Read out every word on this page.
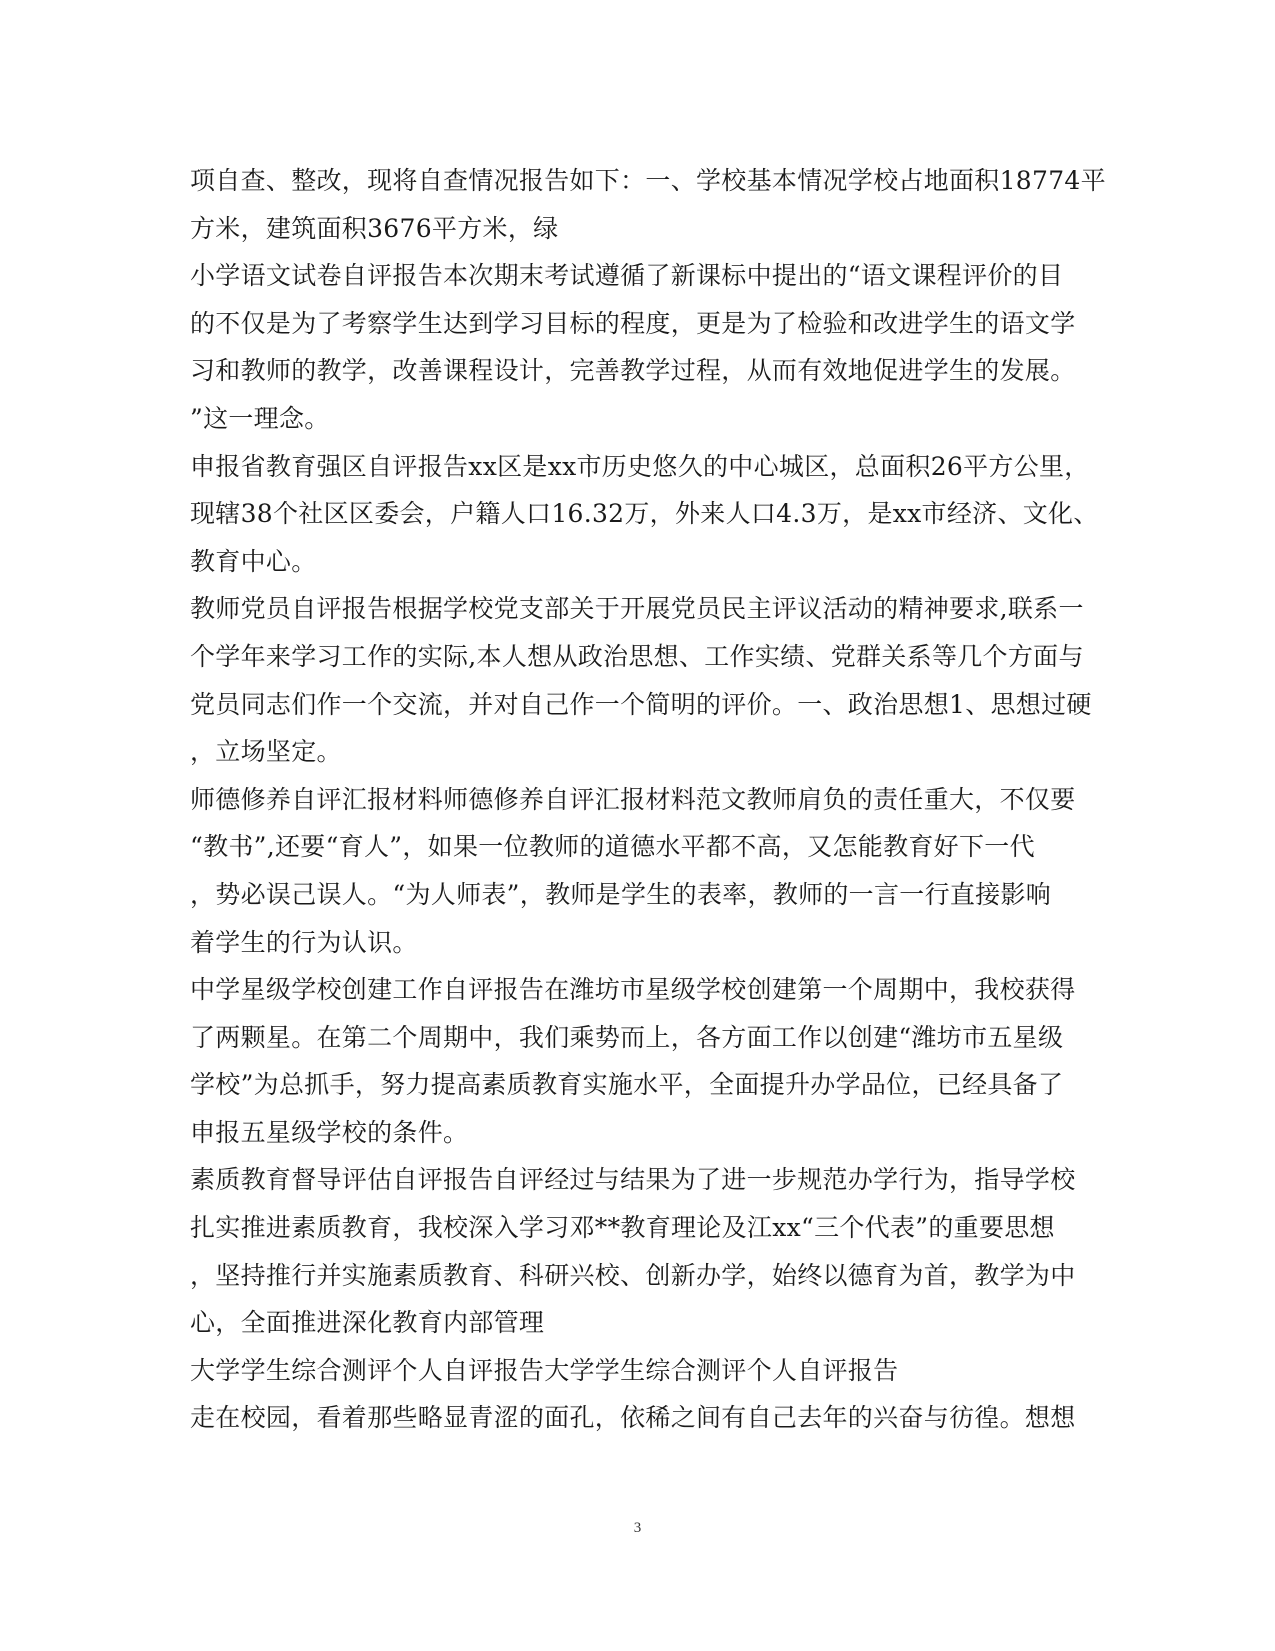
项自查、整改，现将自查情况报告如下：一、学校基本情况学校占地面积18774平
方米，建筑面积3676平方米，绿
小学语文试卷自评报告本次期末考试遵循了新课标中提出的“语文课程评价的目
的不仅是为了考察学生达到学习目标的程度，更是为了检验和改进学生的语文学
习和教师的教学，改善课程设计，完善教学过程，从而有效地促进学生的发展。
”这一理念。
申报省教育强区自评报告xx区是xx市历史悠久的中心城区，总面积26平方公里，
现辖38个社区区委会，户籍人口16.32万，外来人口4.3万，是xx市经济、文化、
教育中心。
教师党员自评报告根据学校党支部关于开展党员民主评议活动的精神要求,联系一
个学年来学习工作的实际,本人想从政治思想、工作实绩、党群关系等几个方面与
党员同志们作一个交流，并对自己作一个简明的评价。一、政治思想1、思想过硬
，立场坚定。
师德修养自评汇报材料师德修养自评汇报材料范文教师肩负的责任重大，不仅要
“教书”,还要“育人”，如果一位教师的道德水平都不高，又怎能教育好下一代
，势必误己误人。“为人师表”，教师是学生的表率，教师的一言一行直接影响
着学生的行为认识。
中学星级学校创建工作自评报告在潍坊市星级学校创建第一个周期中，我校获得
了两颗星。在第二个周期中，我们乘势而上，各方面工作以创建“潍坊市五星级
学校”为总抓手，努力提高素质教育实施水平，全面提升办学品位，已经具备了
申报五星级学校的条件。
素质教育督导评估自评报告自评经过与结果为了进一步规范办学行为，指导学校
扎实推进素质教育，我校深入学习邓**教育理论及江xx“三个代表”的重要思想
，坚持推行并实施素质教育、科研兴校、创新办学，始终以德育为首，教学为中
心，全面推进深化教育内部管理
大学学生综合测评个人自评报告大学学生综合测评个人自评报告
走在校园，看着那些略显青涩的面孔，依稀之间有自己去年的兴奋与彷徨。想想
3
